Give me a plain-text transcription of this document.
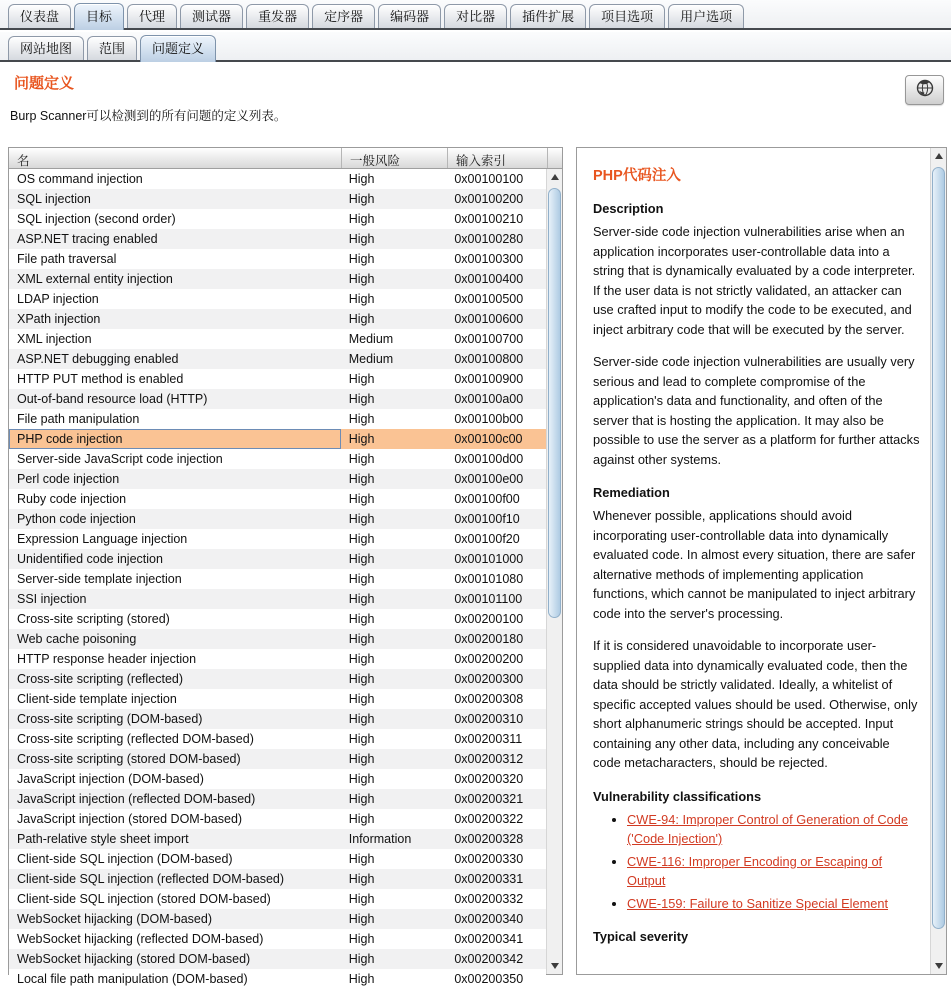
仪表盘	目标	代理	测试器	重发器	定序器	编码器	对比器	插件扩展	项目选项	用户选项
网站地图	范围	问题定义
问题定义
Burp Scanner可以检测到的所有问题的定义列表。
名	一般风险	输入索引
OS command injection	High	0x00100100
SQL injection	High	0x00100200
SQL injection (second order)	High	0x00100210
ASP.NET tracing enabled	High	0x00100280
File path traversal	High	0x00100300
XML external entity injection	High	0x00100400
LDAP injection	High	0x00100500
XPath injection	High	0x00100600
XML injection	Medium	0x00100700
ASP.NET debugging enabled	Medium	0x00100800
HTTP PUT method is enabled	High	0x00100900
Out-of-band resource load (HTTP)	High	0x00100a00
File path manipulation	High	0x00100b00
PHP code injection	High	0x00100c00
Server-side JavaScript code injection	High	0x00100d00
Perl code injection	High	0x00100e00
Ruby code injection	High	0x00100f00
Python code injection	High	0x00100f10
Expression Language injection	High	0x00100f20
Unidentified code injection	High	0x00101000
Server-side template injection	High	0x00101080
SSI injection	High	0x00101100
Cross-site scripting (stored)	High	0x00200100
Web cache poisoning	High	0x00200180
HTTP response header injection	High	0x00200200
Cross-site scripting (reflected)	High	0x00200300
Client-side template injection	High	0x00200308
Cross-site scripting (DOM-based)	High	0x00200310
Cross-site scripting (reflected DOM-based)	High	0x00200311
Cross-site scripting (stored DOM-based)	High	0x00200312
JavaScript injection (DOM-based)	High	0x00200320
JavaScript injection (reflected DOM-based)	High	0x00200321
JavaScript injection (stored DOM-based)	High	0x00200322
Path-relative style sheet import	Information	0x00200328
Client-side SQL injection (DOM-based)	High	0x00200330
Client-side SQL injection (reflected DOM-based)	High	0x00200331
Client-side SQL injection (stored DOM-based)	High	0x00200332
WebSocket hijacking (DOM-based)	High	0x00200340
WebSocket hijacking (reflected DOM-based)	High	0x00200341
WebSocket hijacking (stored DOM-based)	High	0x00200342
Local file path manipulation (DOM-based)	High	0x00200350
PHP代码注入
Description

Server-side code injection vulnerabilities arise when an application incorporates user-controllable data into a string that is dynamically evaluated by a code interpreter. If the user data is not strictly validated, an attacker can use crafted input to modify the code to be executed, and inject arbitrary code that will be executed by the server.

Server-side code injection vulnerabilities are usually very serious and lead to complete compromise of the application's data and functionality, and often of the server that is hosting the application. It may also be possible to use the server as a platform for further attacks against other systems.

Remediation

Whenever possible, applications should avoid incorporating user-controllable data into dynamically evaluated code. In almost every situation, there are safer alternative methods of implementing application functions, which cannot be manipulated to inject arbitrary code into the server's processing.

If it is considered unavoidable to incorporate user-supplied data into dynamically evaluated code, then the data should be strictly validated. Ideally, a whitelist of specific accepted values should be used. Otherwise, only short alphanumeric strings should be accepted. Input containing any other data, including any conceivable code metacharacters, should be rejected.

Vulnerability classifications
• CWE-94: Improper Control of Generation of Code ('Code Injection')
• CWE-116: Improper Encoding or Escaping of Output
• CWE-159: Failure to Sanitize Special Element
Typical severity
